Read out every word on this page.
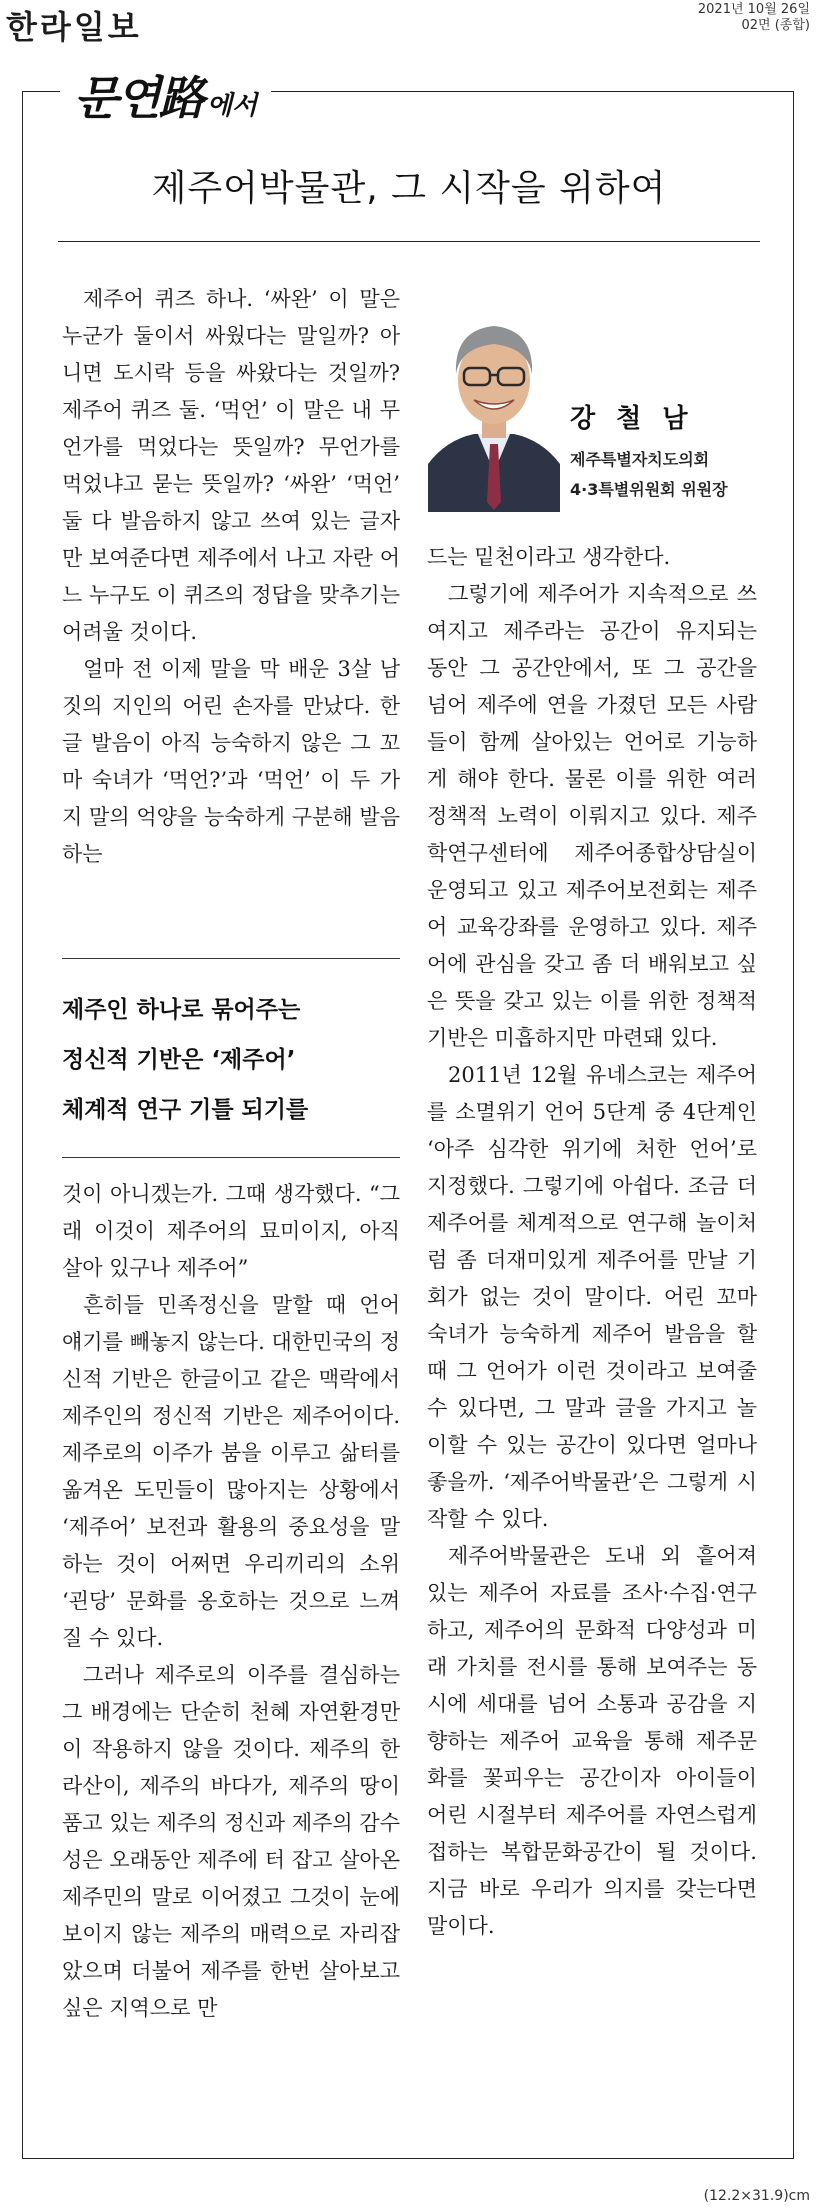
한라일보	2021년 10월 26일
02면 (종합)
문연路 에서
제주어박물관, 그 시작을 위하여

제주어 퀴즈 하나. ‘싸완’ 이 말은 누군가 둘이서 싸웠다는 말일까? 아니면 도시락 등을 싸왔다는 것일까? 제주어 퀴즈 둘. ‘먹언’ 이 말은 내 무언가를 먹었다는 뜻일까? 무언가를 먹었냐고 묻는 뜻일까? ‘싸완’ ‘먹언’ 둘 다 발음하지 않고 쓰여 있는 글자만 보여준다면 제주에서 나고 자란 어느 누구도 이 퀴즈의 정답을 맞추기는 어려울 것이다.

얼마 전 이제 말을 막 배운 3살 남짓의 지인의 어린 손자를 만났다. 한글 발음이 아직 능숙하지 않은 그 꼬마 숙녀가 ‘먹언?’과 ‘먹언’ 이 두 가지 말의 억양을 능숙하게 구분해 발음하는

제주인 하나로 묶어주는
정신적 기반은 ‘제주어’
체계적 연구 기틀 되기를

것이 아니겠는가. 그때 생각했다. “그래 이것이 제주어의 묘미이지, 아직 살아 있구나 제주어”

흔히들 민족정신을 말할 때 언어 얘기를 빼놓지 않는다. 대한민국의 정신적 기반은 한글이고 같은 맥락에서 제주인의 정신적 기반은 제주어이다. 제주로의 이주가 붐을 이루고 삶터를 옮겨온 도민들이 많아지는 상황에서 ‘제주어’ 보전과 활용의 중요성을 말하는 것이 어쩌면 우리끼리의 소위 ‘괸당’ 문화를 옹호하는 것으로 느껴질 수 있다.

그러나 제주로의 이주를 결심하는 그 배경에는 단순히 천혜 자연환경만이 작용하지 않을 것이다. 제주의 한라산이, 제주의 바다가, 제주의 땅이 품고 있는 제주의 정신과 제주의 감수성은 오래동안 제주에 터 잡고 살아온 제주민의 말로 이어졌고 그것이 눈에 보이지 않는 제주의 매력으로 자리잡았으며 더불어 제주를 한번 살아보고 싶은 지역으로 만

강 철 남
제주특별자치도의회
4·3특별위원회 위원장

드는 밑천이라고 생각한다.

그렇기에 제주어가 지속적으로 쓰여지고 제주라는 공간이 유지되는 동안 그 공간안에서, 또 그 공간을 넘어 제주에 연을 가졌던 모든 사람들이 함께 살아있는 언어로 기능하게 해야 한다. 물론 이를 위한 여러 정책적 노력이 이뤄지고 있다. 제주학연구센터에 제주어종합상담실이 운영되고 있고 제주어보전회는 제주어 교육강좌를 운영하고 있다. 제주어에 관심을 갖고 좀 더 배워보고 싶은 뜻을 갖고 있는 이를 위한 정책적 기반은 미흡하지만 마련돼 있다.

2011년 12월 유네스코는 제주어를 소멸위기 언어 5단계 중 4단계인 ‘아주 심각한 위기에 처한 언어’로 지정했다. 그렇기에 아쉽다. 조금 더 제주어를 체계적으로 연구해 놀이처럼 좀 더재미있게 제주어를 만날 기회가 없는 것이 말이다. 어린 꼬마 숙녀가 능숙하게 제주어 발음을 할 때 그 언어가 이런 것이라고 보여줄 수 있다면, 그 말과 글을 가지고 놀이할 수 있는 공간이 있다면 얼마나 좋을까. ‘제주어박물관’은 그렇게 시작할 수 있다.

제주어박물관은 도내 외 흩어져 있는 제주어 자료를 조사·수집·연구하고, 제주어의 문화적 다양성과 미래 가치를 전시를 통해 보여주는 동시에 세대를 넘어 소통과 공감을 지향하는 제주어 교육을 통해 제주문화를 꽃피우는 공간이자 아이들이 어린 시절부터 제주어를 자연스럽게 접하는 복합문화공간이 될 것이다. 지금 바로 우리가 의지를 갖는다면 말이다.

(12.2×31.9)cm
